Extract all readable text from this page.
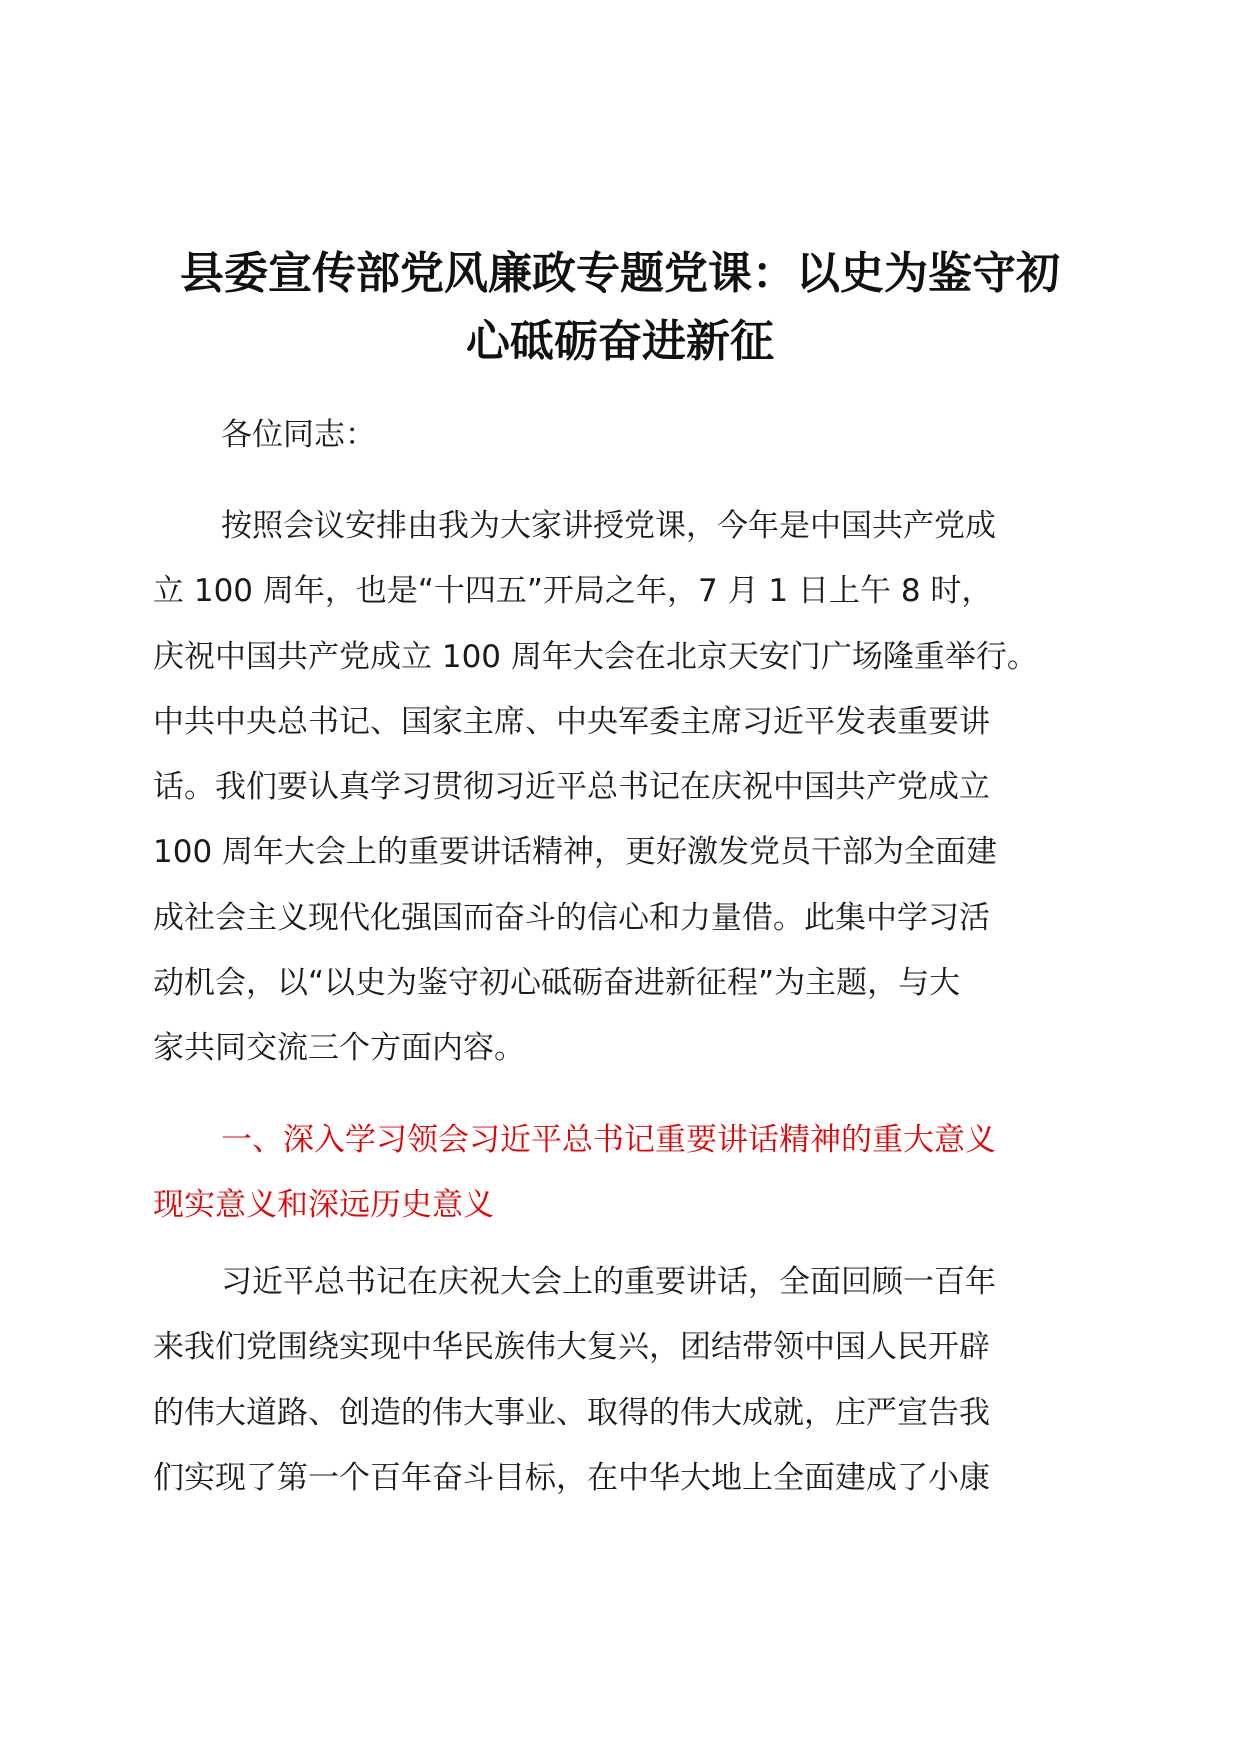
县委宣传部党风廉政专题党课：以史为鉴守初
心砥砺奋进新征

各位同志：

按照会议安排由我为大家讲授党课，今年是中国共产党成
立 100 周年，也是“十四五”开局之年，7 月 1 日上午 8 时，
庆祝中国共产党成立 100 周年大会在北京天安门广场隆重举行。
中共中央总书记、国家主席、中央军委主席习近平发表重要讲
话。我们要认真学习贯彻习近平总书记在庆祝中国共产党成立
100 周年大会上的重要讲话精神，更好激发党员干部为全面建
成社会主义现代化强国而奋斗的信心和力量借。此集中学习活
动机会，以“以史为鉴守初心砥砺奋进新征程”为主题，与大
家共同交流三个方面内容。
一、深入学习领会习近平总书记重要讲话精神的重大意义
现实意义和深远历史意义
习近平总书记在庆祝大会上的重要讲话，全面回顾一百年
来我们党围绕实现中华民族伟大复兴，团结带领中国人民开辟
的伟大道路、创造的伟大事业、取得的伟大成就，庄严宣告我
们实现了第一个百年奋斗目标，在中华大地上全面建成了小康
